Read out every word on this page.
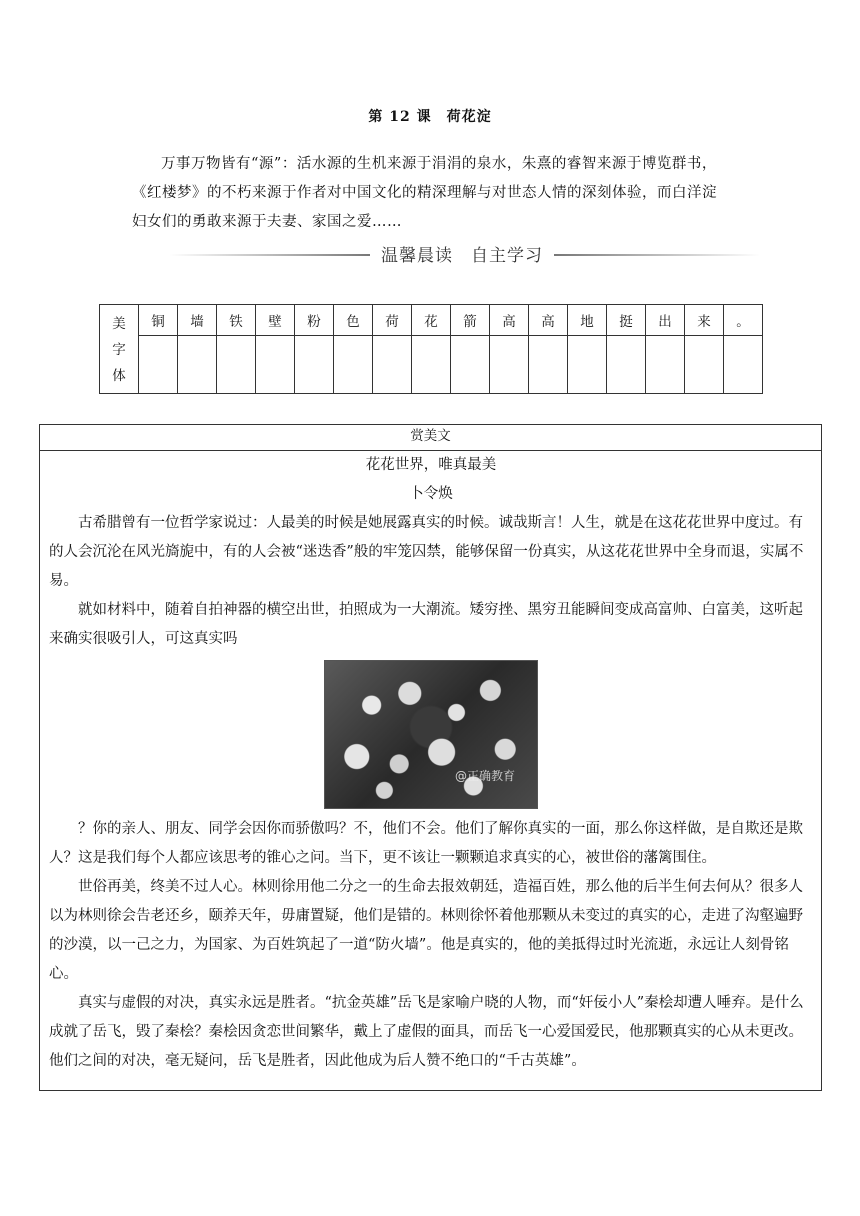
第 12 课　荷花淀

万事万物皆有“源”：活水源的生机来源于涓涓的泉水，朱熹的睿智来源于博览群书，

《红楼梦》的不朽来源于作者对中国文化的精深理解与对世态人情的深刻体验，而白洋淀

妇女们的勇敢来源于夫妻、家国之爱……

温馨晨读　自主学习
美
字
体	铜	墙	铁	壁	粉	色	荷	花	箭	高	高	地	挺	出	来	。

赏美文

花花世界，唯真最美

卜令焕

古希腊曾有一位哲学家说过：人最美的时候是她展露真实的时候。诚哉斯言！人生，就是在这花花世界中度过。有的人会沉沦在风光旖旎中，有的人会被“迷迭香”般的牢笼囚禁，能够保留一份真实，从这花花世界中全身而退，实属不易。

就如材料中，随着自拍神器的横空出世，拍照成为一大潮流。矮穷挫、黑穷丑能瞬间变成高富帅、白富美，这听起来确实很吸引人，可这真实吗

@正确教育

？你的亲人、朋友、同学会因你而骄傲吗？不，他们不会。他们了解你真实的一面，那么你这样做，是自欺还是欺人？这是我们每个人都应该思考的锥心之问。当下，更不该让一颗颗追求真实的心，被世俗的藩篱围住。

世俗再美，终美不过人心。林则徐用他二分之一的生命去报效朝廷，造福百姓，那么他的后半生何去何从？很多人以为林则徐会告老还乡，颐养天年，毋庸置疑，他们是错的。林则徐怀着他那颗从未变过的真实的心，走进了沟壑遍野的沙漠，以一己之力，为国家、为百姓筑起了一道“防火墙”。他是真实的，他的美抵得过时光流逝，永远让人刻骨铭心。

真实与虚假的对决，真实永远是胜者。“抗金英雄”岳飞是家喻户晓的人物，而“奸佞小人”秦桧却遭人唾弃。是什么成就了岳飞，毁了秦桧？秦桧因贪恋世间繁华，戴上了虚假的面具，而岳飞一心爱国爱民，他那颗真实的心从未更改。他们之间的对决，毫无疑问，岳飞是胜者，因此他成为后人赞不绝口的“千古英雄”。
